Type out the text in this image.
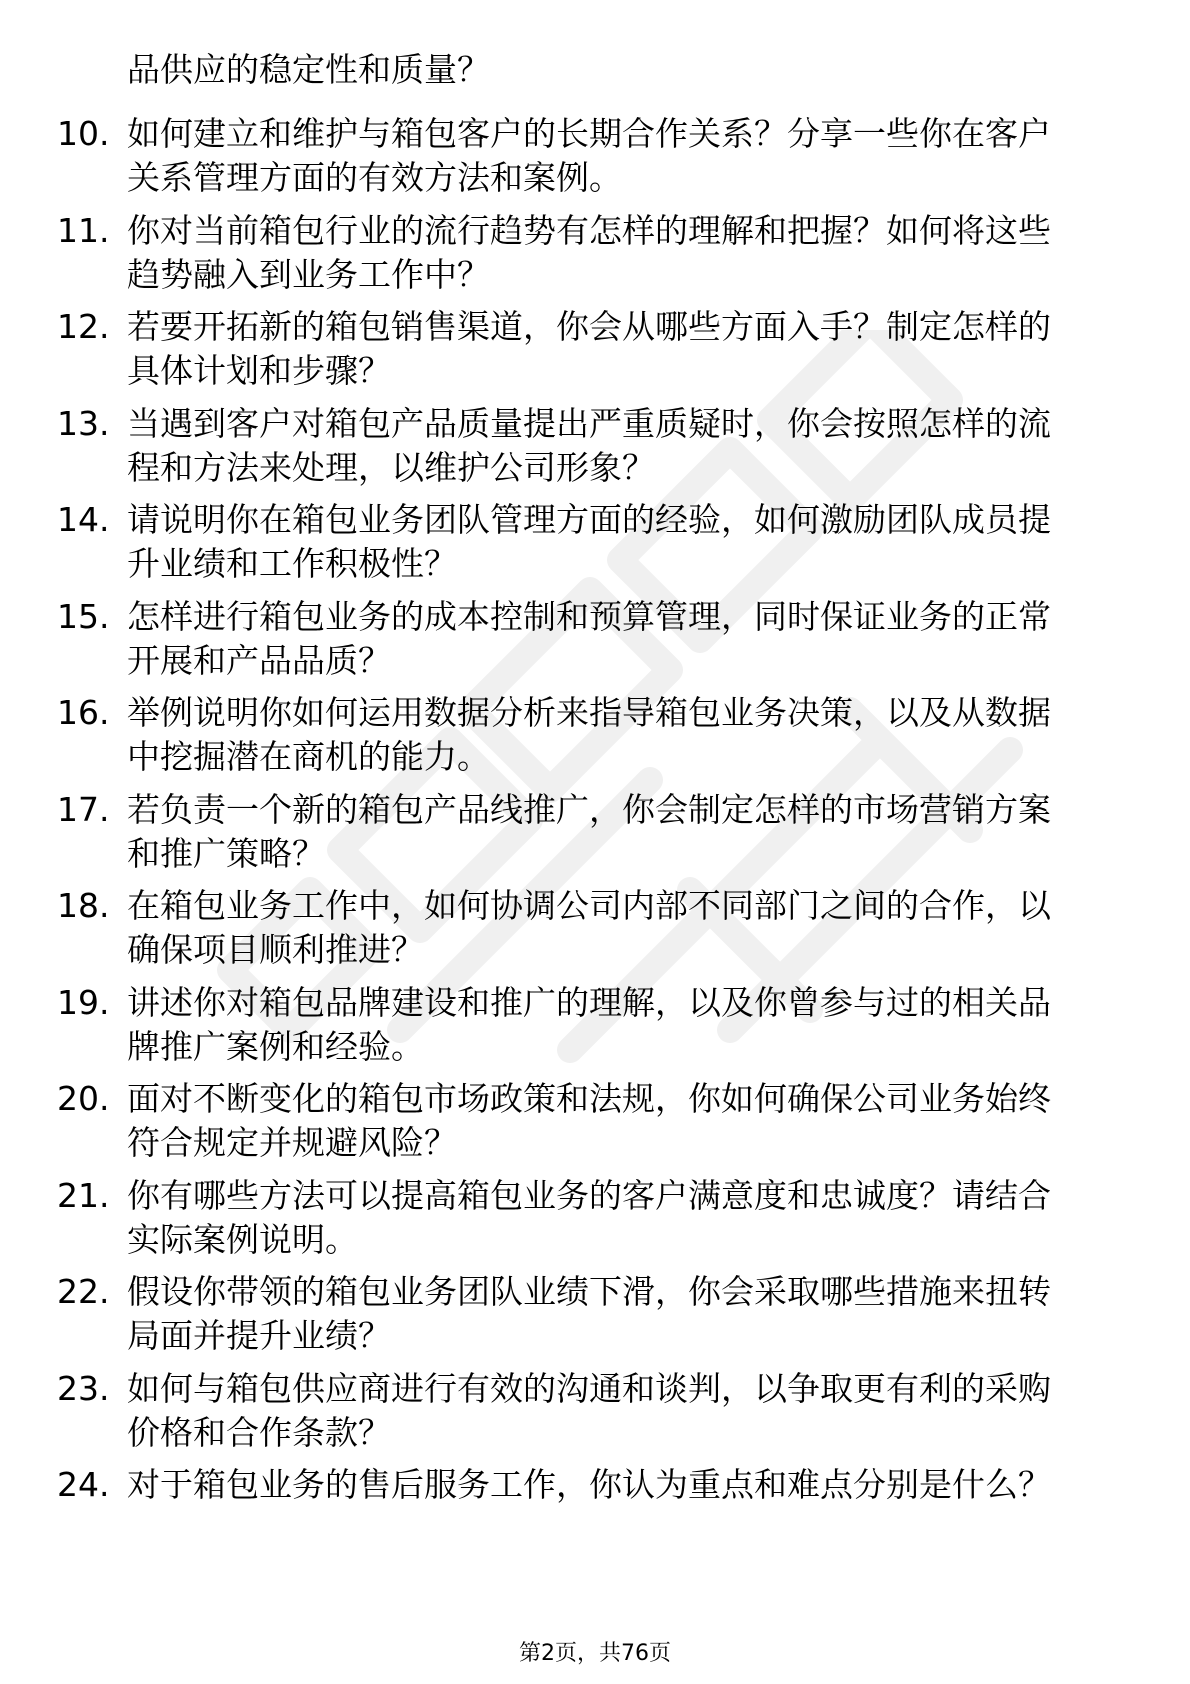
品供应的稳定性和质量？
10. 如何建立和维护与箱包客户的长期合作关系？分享一些你在客户
关系管理方面的有效方法和案例。
11. 你对当前箱包行业的流行趋势有怎样的理解和把握？如何将这些
趋势融入到业务工作中？
12. 若要开拓新的箱包销售渠道，你会从哪些方面入手？制定怎样的
具体计划和步骤？
13. 当遇到客户对箱包产品质量提出严重质疑时，你会按照怎样的流
程和方法来处理，以维护公司形象？
14. 请说明你在箱包业务团队管理方面的经验，如何激励团队成员提
升业绩和工作积极性？
15. 怎样进行箱包业务的成本控制和预算管理，同时保证业务的正常
开展和产品品质？
16. 举例说明你如何运用数据分析来指导箱包业务决策，以及从数据
中挖掘潜在商机的能力。
17. 若负责一个新的箱包产品线推广，你会制定怎样的市场营销方案
和推广策略？
18. 在箱包业务工作中，如何协调公司内部不同部门之间的合作，以
确保项目顺利推进？
19. 讲述你对箱包品牌建设和推广的理解，以及你曾参与过的相关品
牌推广案例和经验。
20. 面对不断变化的箱包市场政策和法规，你如何确保公司业务始终
符合规定并规避风险？
21. 你有哪些方法可以提高箱包业务的客户满意度和忠诚度？请结合
实际案例说明。
22. 假设你带领的箱包业务团队业绩下滑，你会采取哪些措施来扭转
局面并提升业绩？
23. 如何与箱包供应商进行有效的沟通和谈判，以争取更有利的采购
价格和合作条款？
24. 对于箱包业务的售后服务工作，你认为重点和难点分别是什么？
第2页，共76页
